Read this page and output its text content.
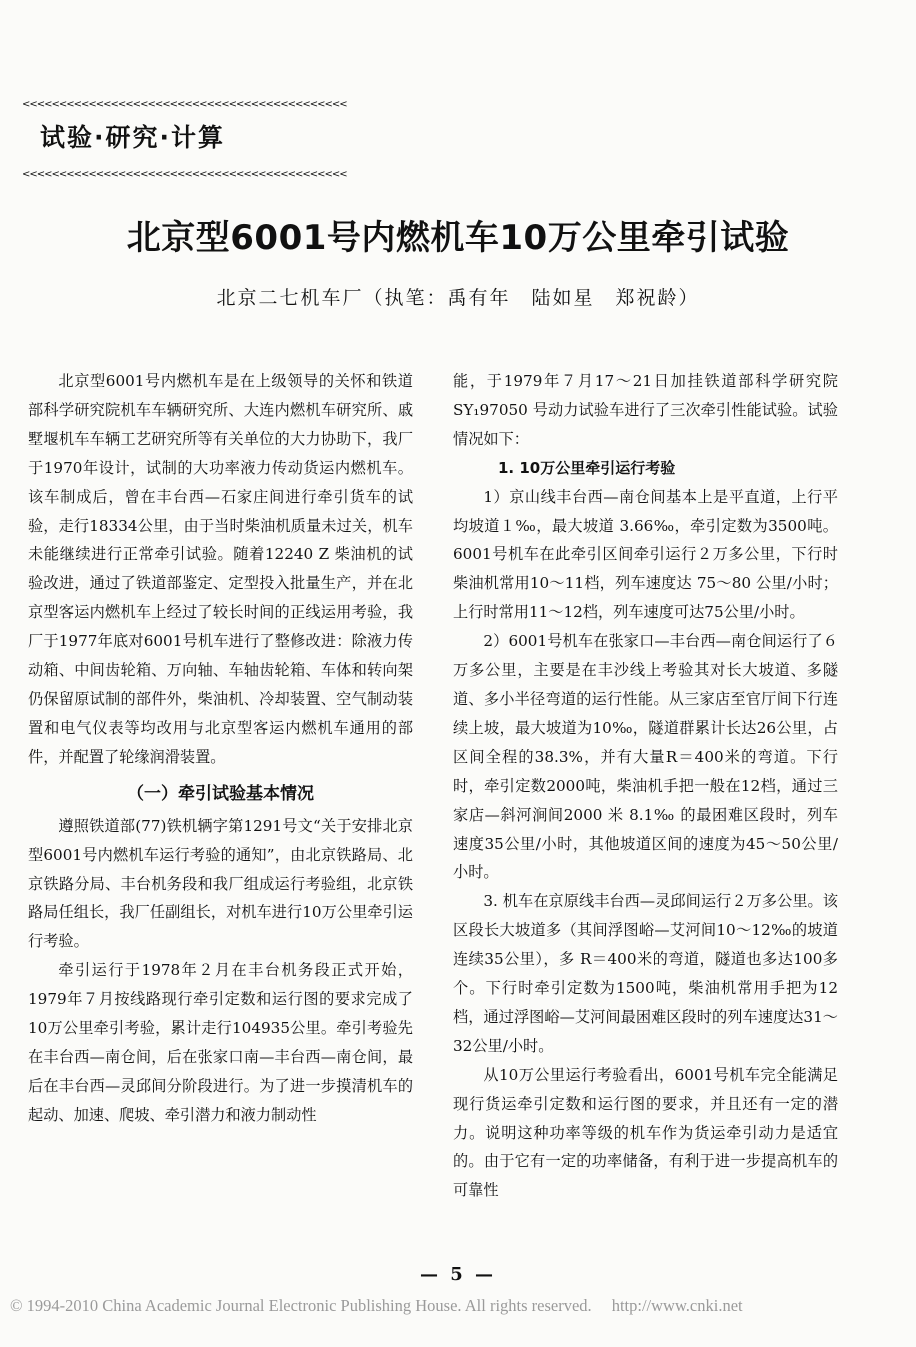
<<<<<<<<<<<<<<<<<<<<<<<<<<<<<<<<<<<<<<<<<<<<
试验·研究·计算
<<<<<<<<<<<<<<<<<<<<<<<<<<<<<<<<<<<<<<<<<<<<
北京型6001号内燃机车10万公里牵引试验
北京二七机车厂（执笔：禹有年　陆如星　郑祝龄）

北京型6001号内燃机车是在上级领导的关怀和铁道部科学研究院机车车辆研究所、大连内燃机车研究所、戚墅堰机车车辆工艺研究所等有关单位的大力协助下，我厂于1970年设计，试制的大功率液力传动货运内燃机车。该车制成后，曾在丰台西—石家庄间进行牵引货车的试验，走行18334公里，由于当时柴油机质量未过关，机车未能继续进行正常牵引试验。随着12240 Z 柴油机的试验改进，通过了铁道部鉴定、定型投入批量生产，并在北京型客运内燃机车上经过了较长时间的正线运用考验，我厂于1977年底对6001号机车进行了整修改进：除液力传动箱、中间齿轮箱、万向轴、车轴齿轮箱、车体和转向架仍保留原试制的部件外，柴油机、冷却装置、空气制动装置和电气仪表等均改用与北京型客运内燃机车通用的部件，并配置了轮缘润滑装置。

（一）牵引试验基本情况

遵照铁道部(77)铁机辆字第1291号文“关于安排北京型6001号内燃机车运行考验的通知”，由北京铁路局、北京铁路分局、丰台机务段和我厂组成运行考验组，北京铁路局任组长，我厂任副组长，对机车进行10万公里牵引运行考验。

牵引运行于1978年２月在丰台机务段正式开始，1979年７月按线路现行牵引定数和运行图的要求完成了10万公里牵引考验，累计走行104935公里。牵引考验先在丰台西—南仓间，后在张家口南—丰台西—南仓间，最后在丰台西—灵邱间分阶段进行。为了进一步摸清机车的起动、加速、爬坡、牵引潜力和液力制动性

能，于1979年７月17～21日加挂铁道部科学研究院 SY₁97050 号动力试验车进行了三次牵引性能试验。试验情况如下：

1. 10万公里牵引运行考验

1）京山线丰台西—南仓间基本上是平直道，上行平均坡道１‰，最大坡道 3.66‰，牵引定数为3500吨。6001号机车在此牵引区间牵引运行２万多公里，下行时柴油机常用10～11档，列车速度达 75～80 公里/小时；上行时常用11～12档，列车速度可达75公里/小时。

2）6001号机车在张家口—丰台西—南仓间运行了６万多公里，主要是在丰沙线上考验其对长大坡道、多隧道、多小半径弯道的运行性能。从三家店至官厅间下行连续上坡，最大坡道为10‰，隧道群累计长达26公里，占区间全程的38.3%，并有大量R＝400米的弯道。下行时，牵引定数2000吨，柴油机手把一般在12档，通过三家店—斜河涧间2000 米 8.1‰ 的最困难区段时，列车速度35公里/小时，其他坡道区间的速度为45～50公里/小时。

3. 机车在京原线丰台西—灵邱间运行２万多公里。该区段长大坡道多（其间浮图峪—艾河间10～12‰的坡道连续35公里），多 R＝400米的弯道，隧道也多达100多个。下行时牵引定数为1500吨，柴油机常用手把为12档，通过浮图峪—艾河间最困难区段时的列车速度达31～32公里/小时。

从10万公里运行考验看出，6001号机车完全能满足现行货运牵引定数和运行图的要求，并且还有一定的潜力。说明这种功率等级的机车作为货运牵引动力是适宜的。由于它有一定的功率储备，有利于进一步提高机车的可靠性

— 5 —
© 1994-2010 China Academic Journal Electronic Publishing House. All rights reserved. http://www.cnki.net
